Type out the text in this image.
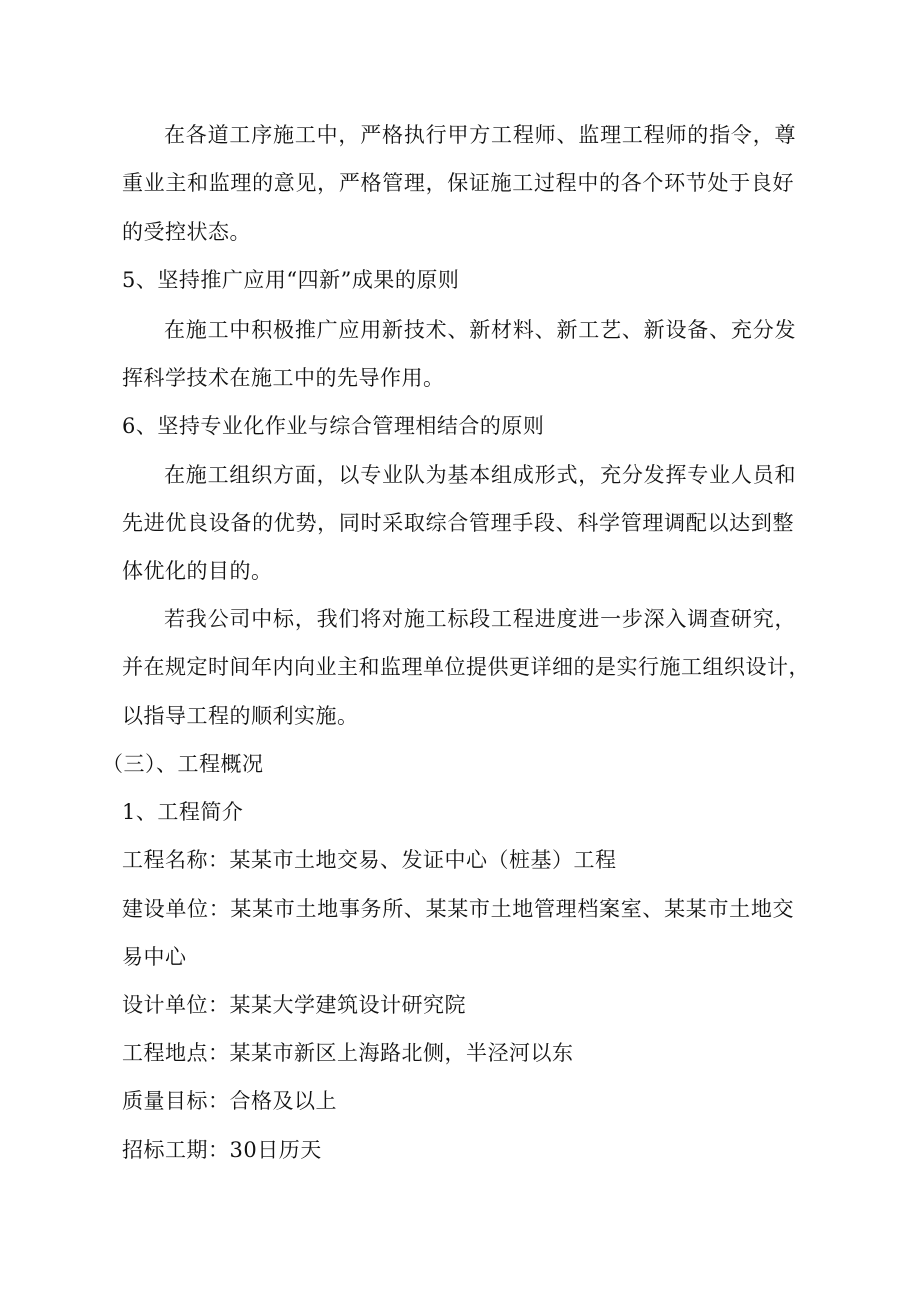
在各道工序施工中，严格执行甲方工程师、监理工程师的指令，尊
重业主和监理的意见，严格管理，保证施工过程中的各个环节处于良好
的受控状态。
5、坚持推广应用“四新”成果的原则
在施工中积极推广应用新技术、新材料、新工艺、新设备、充分发
挥科学技术在施工中的先导作用。
6、坚持专业化作业与综合管理相结合的原则
在施工组织方面，以专业队为基本组成形式，充分发挥专业人员和
先进优良设备的优势，同时采取综合管理手段、科学管理调配以达到整
体优化的目的。
若我公司中标，我们将对施工标段工程进度进一步深入调查研究，
并在规定时间年内向业主和监理单位提供更详细的是实行施工组织设计，
以指导工程的顺利实施。
（三）、工程概况
1、工程简介
工程名称：某某市土地交易、发证中心（桩基）工程
建设单位：某某市土地事务所、某某市土地管理档案室、某某市土地交
易中心
设计单位：某某大学建筑设计研究院
工程地点：某某市新区上海路北侧，半泾河以东
质量目标：合格及以上
招标工期：30日历天
